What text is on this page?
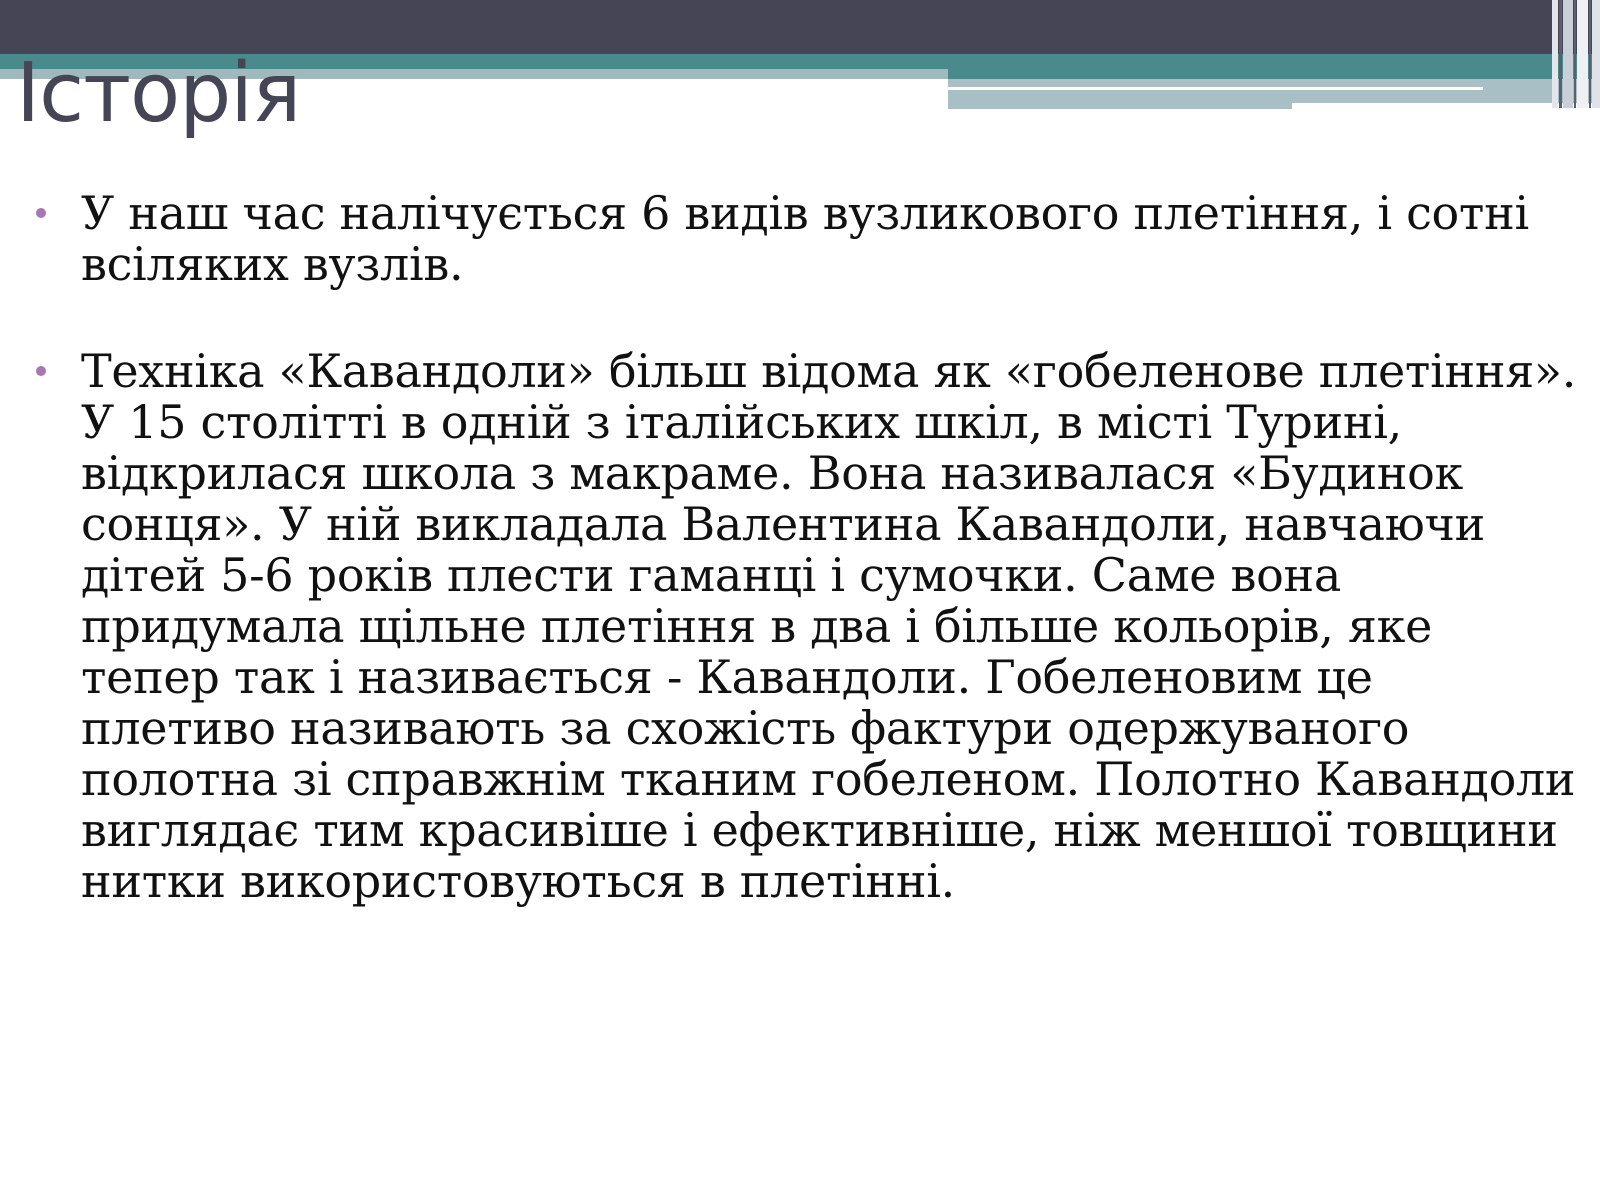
Історія
У наш час налічується 6 видів вузликового плетіння, і сотні всіляких вузлів.
Техніка «Кавандоли» більш відома як «гобеленове плетіння». У 15 столітті в одній з італійських шкіл, в місті Турині, відкрилася школа з макраме. Вона називалася «Будинок сонця». У ній викладала Валентина Кавандоли, навчаючи дітей 5-6 років плести гаманці і сумочки. Саме вона придумала щільне плетіння в два і більше кольорів, яке тепер так і називається - Кавандоли. Гобеленовим це плетиво називають за схожість фактури одержуваного полотна зі справжнім тканим гобеленом. Полотно Кавандоли виглядає тим красивіше і ефективніше, ніж меншої товщини нитки використовуються в плетінні.
